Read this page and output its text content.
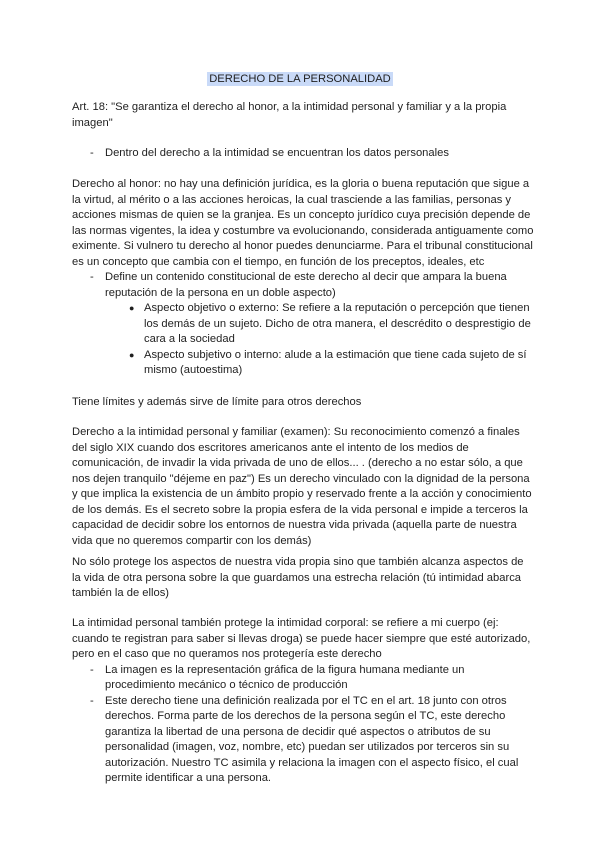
DERECHO DE LA PERSONALIDAD

Art. 18: "Se garantiza el derecho al honor, a la intimidad personal y familiar y a la propia imagen"

- Dentro del derecho a la intimidad se encuentran los datos personales

Derecho al honor: no hay una definición jurídica, es la gloria o buena reputación que sigue a la virtud, al mérito o a las acciones heroicas, la cual trasciende a las familias, personas y acciones mismas de quien se la granjea. Es un concepto jurídico cuya precisión depende de las normas vigentes, la idea y costumbre va evolucionando, considerada antiguamente como eximente. Si vulnero tu derecho al honor puedes denunciarme. Para el tribunal constitucional es un concepto que cambia con el tiempo, en función de los preceptos, ideales, etc

- Define un contenido constitucional de este derecho al decir que ampara la buena reputación de la persona en un doble aspecto)
● Aspecto objetivo o externo: Se refiere a la reputación o percepción que tienen los demás de un sujeto. Dicho de otra manera, el descrédito o desprestigio de cara a la sociedad
● Aspecto subjetivo o interno: alude a la estimación que tiene cada sujeto de sí mismo (autoestima)

Tiene límites y además sirve de límite para otros derechos

Derecho a la intimidad personal y familiar (examen): Su reconocimiento comenzó a finales del siglo XIX cuando dos escritores americanos ante el intento de los medios de comunicación, de invadir la vida privada de uno de ellos... . (derecho a no estar sólo, a que nos dejen tranquilo "déjeme en paz") Es un derecho vinculado con la dignidad de la persona y que implica la existencia de un ámbito propio y reservado frente a la acción y conocimiento de los demás. Es el secreto sobre la propia esfera de la vida personal e impide a terceros la capacidad de decidir sobre los entornos de nuestra vida privada (aquella parte de nuestra vida que no queremos compartir con los demás)

No sólo protege los aspectos de nuestra vida propia sino que también alcanza aspectos de la vida de otra persona sobre la que guardamos una estrecha relación (tú intimidad abarca también la de ellos)

La intimidad personal también protege la intimidad corporal: se refiere a mi cuerpo (ej: cuando te registran para saber si llevas droga) se puede hacer siempre que esté autorizado, pero en el caso que no queramos nos protegería este derecho

- La imagen es la representación gráfica de la figura humana mediante un procedimiento mecánico o técnico de producción
- Este derecho tiene una definición realizada por el TC en el art. 18 junto con otros derechos. Forma parte de los derechos de la persona según el TC, este derecho garantiza la libertad de una persona de decidir qué aspectos o atributos de su personalidad (imagen, voz, nombre, etc) puedan ser utilizados por terceros sin su autorización. Nuestro TC asimila y relaciona la imagen con el aspecto físico, el cual permite identificar a una persona.
